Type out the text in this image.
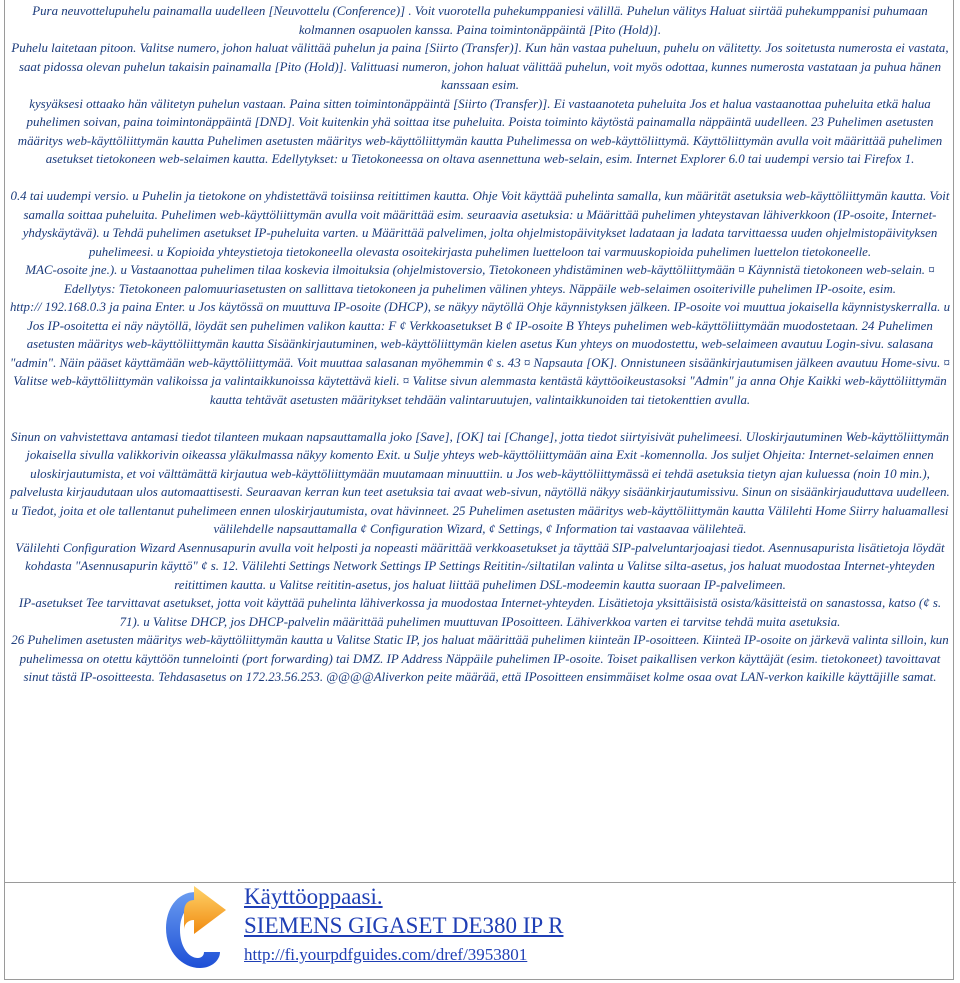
Pura neuvottelupuhelu painamalla uudelleen [Neuvottelu (Conference)] . Voit vuorotella puhekumppaniesi välillä. Puhelun välitys Haluat siirtää puhekumppanisi puhumaan kolmannen osapuolen kanssa. Paina toimintonäppäintä [Pito (Hold)].

Puhelu laitetaan pitoon. Valitse numero, johon haluat välittää puhelun ja paina [Siirto (Transfer)]. Kun hän vastaa puheluun, puhelu on välitetty. Jos soitetusta numerosta ei vastata, saat pidossa olevan puhelun takaisin painamalla [Pito (Hold)]. Valittuasi numeron, johon haluat välittää puhelun, voit myös odottaa, kunnes numerosta vastataan ja puhua hänen kanssaan esim.

kysyäksesi ottaako hän välitetyn puhelun vastaan. Paina sitten toimintonäppäintä [Siirto (Transfer)]. Ei vastaanoteta puheluita Jos et halua vastaanottaa puheluita etkä halua puhelimen soivan, paina toimintonäppäintä [DND]. Voit kuitenkin yhä soittaa itse puheluita. Poista toiminto käytöstä painamalla näppäintä uudelleen. 23 Puhelimen asetusten määritys web-käyttöliittymän kautta Puhelimen asetusten määritys web-käyttöliittymän kautta Puhelimessa on web-käyttöliittymä. Käyttöliittymän avulla voit määrittää puhelimen asetukset tietokoneen web-selaimen kautta. Edellytykset: u Tietokoneessa on oltava asennettuna web-selain, esim. Internet Explorer 6.0 tai uudempi versio tai Firefox 1.

0.4 tai uudempi versio. u Puhelin ja tietokone on yhdistettävä toisiinsa reitittimen kautta. Ohje Voit käyttää puhelinta samalla, kun määrität asetuksia web-käyttöliittymän kautta. Voit samalla soittaa puheluita. Puhelimen web-käyttöliittymän avulla voit määrittää esim. seuraavia asetuksia: u Määrittää puhelimen yhteystavan lähiverkkoon (IP-osoite, Internet- yhdyskäytävä). u Tehdä puhelimen asetukset IP-puheluita varten. u Määrittää palvelimen, jolta ohjelmistopäivitykset ladataan ja ladata tarvittaessa uuden ohjelmistopäivityksen puhelimeesi. u Kopioida yhteystietoja tietokoneella olevasta osoitekirjasta puhelimen luetteloon tai varmuuskopioida puhelimen luettelon tietokoneelle.

MAC-osoite jne.). u Vastaanottaa puhelimen tilaa koskevia ilmoituksia (ohjelmistoversio, Tietokoneen yhdistäminen web-käyttöliittymään ¤ Käynnistä tietokoneen web-selain. ¤ Edellytys: Tietokoneen palomuuriasetusten on sallittava tietokoneen ja puhelimen välinen yhteys. Näppäile web-selaimen osoiteriville puhelimen IP-osoite, esim.

http:// 192.168.0.3 ja paina Enter. u Jos käytössä on muuttuva IP-osoite (DHCP), se näkyy näytöllä Ohje käynnistyksen jälkeen. IP-osoite voi muuttua jokaisella käynnistyskerralla. u Jos IP-osoitetta ei näy näytöllä, löydät sen puhelimen valikon kautta: F ¢ Verkkoasetukset B ¢ IP-osoite B Yhteys puhelimen web-käyttöliittymään muodostetaan. 24 Puhelimen asetusten määritys web-käyttöliittymän kautta Sisäänkirjautuminen, web-käyttöliittymän kielen asetus Kun yhteys on muodostettu, web-selaimeen avautuu Login-sivu. salasana "admin". Näin pääset käyttämään web-käyttöliittymää. Voit muuttaa salasanan myöhemmin ¢ s. 43 ¤ Napsauta [OK]. Onnistuneen sisäänkirjautumisen jälkeen avautuu Home-sivu. ¤ Valitse web-käyttöliittymän valikoissa ja valintaikkunoissa käytettävä kieli. ¤ Valitse sivun alemmasta kentästä käyttöoikeustasoksi "Admin" ja anna Ohje Kaikki web-käyttöliittymän kautta tehtävät asetusten määritykset tehdään valintaruutujen, valintaikkunoiden tai tietokenttien avulla.

Sinun on vahvistettava antamasi tiedot tilanteen mukaan napsauttamalla joko [Save], [OK] tai [Change], jotta tiedot siirtyisivät puhelimeesi. Uloskirjautuminen Web-käyttöliittymän jokaisella sivulla valikkorivin oikeassa yläkulmassa näkyy komento Exit. u Sulje yhteys web-käyttöliittymään aina Exit -komennolla. Jos suljet Ohjeita: Internet-selaimen ennen uloskirjautumista, et voi välttämättä kirjautua web-käyttöliittymään muutamaan minuuttiin. u Jos web-käyttöliittymässä ei tehdä asetuksia tietyn ajan kuluessa (noin 10 min.), palvelusta kirjaudutaan ulos automaattisesti. Seuraavan kerran kun teet asetuksia tai avaat web-sivun, näytöllä näkyy sisäänkirjautumissivu. Sinun on sisäänkirjauduttava uudelleen. u Tiedot, joita et ole tallentanut puhelimeen ennen uloskirjautumista, ovat hävinneet. 25 Puhelimen asetusten määritys web-käyttöliittymän kautta Välilehti Home Siirry haluamallesi välilehdelle napsauttamalla ¢ Configuration Wizard, ¢ Settings, ¢ Information tai vastaavaa välilehteä.

Välilehti Configuration Wizard Asennusapurin avulla voit helposti ja nopeasti määrittää verkkoasetukset ja täyttää SIP-palveluntarjoajasi tiedot. Asennusapurista lisätietoja löydät kohdasta "Asennusapurin käyttö" ¢ s. 12. Välilehti Settings Network Settings IP Settings Reititin-/siltatilan valinta u Valitse silta-asetus, jos haluat muodostaa Internet-yhteyden reitittimen kautta. u Valitse reititin-asetus, jos haluat liittää puhelimen DSL-modeemin kautta suoraan IP-palvelimeen.

IP-asetukset Tee tarvittavat asetukset, jotta voit käyttää puhelinta lähiverkossa ja muodostaa Internet-yhteyden. Lisätietoja yksittäisistä osista/käsitteistä on sanastossa, katso (¢ s. 71). u Valitse DHCP, jos DHCP-palvelin määrittää puhelimen muuttuvan IPosoitteen. Lähiverkkoa varten ei tarvitse tehdä muita asetuksia.

26 Puhelimen asetusten määritys web-käyttöliittymän kautta u Valitse Static IP, jos haluat määrittää puhelimen kiinteän IP-osoitteen. Kiinteä IP-osoite on järkevä valinta silloin, kun puhelimessa on otettu käyttöön tunnelointi (port forwarding) tai DMZ. IP Address Näppäile puhelimen IP-osoite. Toiset paikallisen verkon käyttäjät (esim. tietokoneet) tavoittavat sinut tästä IP-osoitteesta. Tehdasasetus on 172.23.56.253. @@@@Aliverkon peite määrää, että IPosoitteen ensimmäiset kolme osaa ovat LAN-verkon kaikille käyttäjille samat.

Käyttöoppaasi.
SIEMENS GIGASET DE380 IP R
http://fi.yourpdfguides.com/dref/3953801
